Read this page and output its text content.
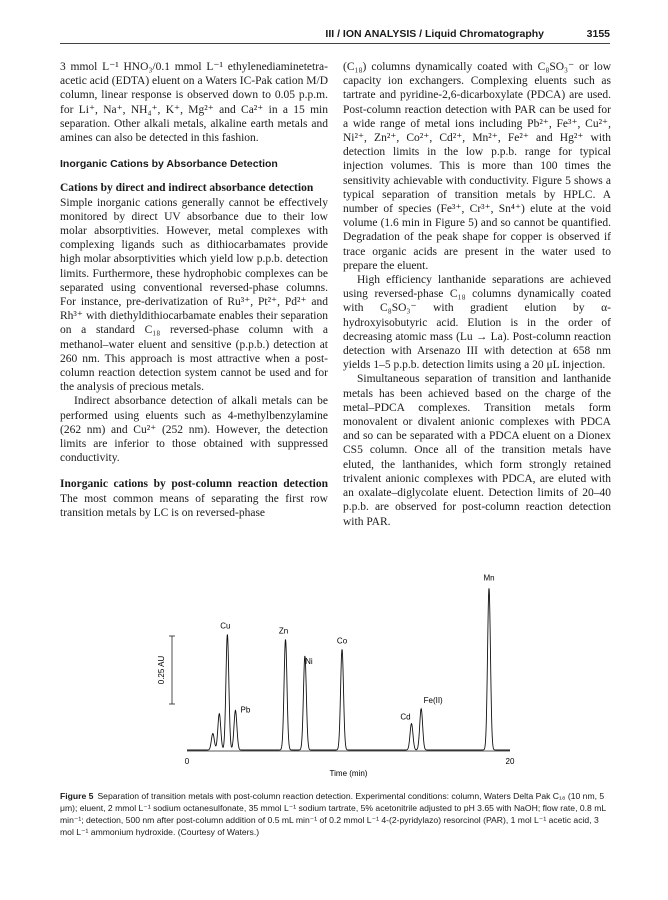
III / ION ANALYSIS / Liquid Chromatography	3155

3 mmol L⁻¹ HNO₃/0.1 mmol L⁻¹ ethylenediaminetetra-acetic acid (EDTA) eluent on a Waters IC-Pak cation M/D column, linear response is observed down to 0.05 p.p.m. for Li⁺, Na⁺, NH₄⁺, K⁺, Mg²⁺ and Ca²⁺ in a 15 min separation. Other alkali metals, alkaline earth metals and amines can also be detected in this fashion.

Inorganic Cations by Absorbance Detection

Cations by direct and indirect absorbance detection
Simple inorganic cations generally cannot be effectively monitored by direct UV absorbance due to their low molar absorptivities. However, metal complexes with complexing ligands such as dithiocarbamates provide high molar absorptivities which yield low p.p.b. detection limits. Furthermore, these hydrophobic complexes can be separated using conventional reversed-phase columns. For instance, pre-derivatization of Ru³⁺, Pt²⁺, Pd²⁺ and Rh³⁺ with diethyldithiocarbamate enables their separation on a standard C₁₈ reversed-phase column with a methanol–water eluent and sensitive (p.p.b.) detection at 260 nm. This approach is most attractive when a post-column reaction detection system cannot be used and for the analysis of precious metals.

Indirect absorbance detection of alkali metals can be performed using eluents such as 4-methylbenzylamine (262 nm) and Cu²⁺ (252 nm). However, the detection limits are inferior to those obtained with suppressed conductivity.

Inorganic cations by post-column reaction detection The most common means of separating the first row transition metals by LC is on reversed-phase

(C₁₈) columns dynamically coated with C₈SO₃⁻ or low capacity ion exchangers. Complexing eluents such as tartrate and pyridine-2,6-dicarboxylate (PDCA) are used. Post-column reaction detection with PAR can be used for a wide range of metal ions including Pb²⁺, Fe³⁺, Cu²⁺, Ni²⁺, Zn²⁺, Co²⁺, Cd²⁺, Mn²⁺, Fe²⁺ and Hg²⁺ with detection limits in the low p.p.b. range for typical injection volumes. This is more than 100 times the sensitivity achievable with conductivity. Figure 5 shows a typical separation of transition metals by HPLC. A number of species (Fe³⁺, Cr³⁺, Sn⁴⁺) elute at the void volume (1.6 min in Figure 5) and so cannot be quantified. Degradation of the peak shape for copper is observed if trace organic acids are present in the water used to prepare the eluent.

High efficiency lanthanide separations are achieved using reversed-phase C₁₈ columns dynamically coated with C₈SO₃⁻ with gradient elution by α-hydroxyisobutyric acid. Elution is in the order of decreasing atomic mass (Lu → La). Post-column reaction detection with Arsenazo III with detection at 658 nm yields 1–5 p.p.b. detection limits using a 20 μL injection.

Simultaneous separation of transition and lanthanide metals has been achieved based on the charge of the metal–PDCA complexes. Transition metals form monovalent or divalent anionic complexes with PDCA and so can be separated with a PDCA eluent on a Dionex CS5 column. Once all of the transition metals have eluted, the lanthanides, which form strongly retained trivalent anionic complexes with PDCA, are eluted with an oxalate–diglycolate eluent. Detection limits of 20–40 p.p.b. are observed for post-column reaction detection with PAR.

0.25 AU
0	20
Time (min)
Cu
Pb
Zn
Ni
Co
Cd
Fe(II)
Mn
Figure 5 Separation of transition metals with post-column reaction detection. Experimental conditions: column, Waters Delta Pak C₁₈ (10 nm, 5 μm); eluent, 2 mmol L⁻¹ sodium octanesulfonate, 35 mmol L⁻¹ sodium tartrate, 5% acetonitrile adjusted to pH 3.65 with NaOH; flow rate, 0.8 mL min⁻¹; detection, 500 nm after post-column addition of 0.5 mL min⁻¹ of 0.2 mmol L⁻¹ 4-(2-pyridylazo) resorcinol (PAR), 1 mol L⁻¹ acetic acid, 3 mol L⁻¹ ammonium hydroxide. (Courtesy of Waters.)
